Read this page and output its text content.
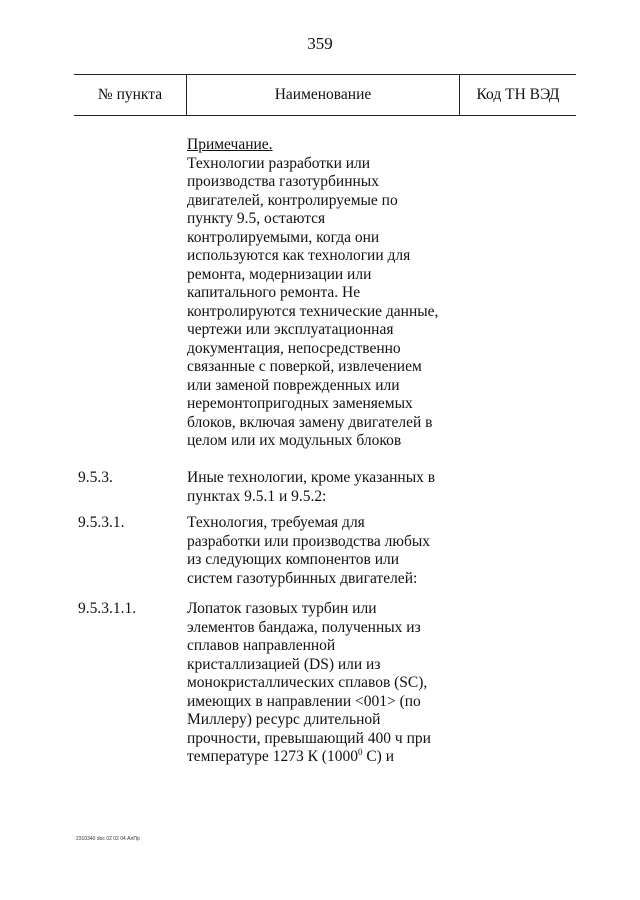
359
№ пункта	Наименование	Код ТН ВЭД
Примечание.
Технологии разработки или
производства газотурбинных
двигателей, контролируемые по
пункту 9.5, остаются
контролируемыми, когда они
используются как технологии для
ремонта, модернизации или
капитального ремонта. Не
контролируются технические данные,
чертежи или эксплуатационная
документация, непосредственно
связанные с поверкой, извлечением
или заменой поврежденных или
неремонтопригодных заменяемых
блоков, включая замену двигателей в
целом или их модульных блоков
9.5.3.	Иные технологии, кроме указанных в
пунктах 9.5.1 и 9.5.2:
9.5.3.1.	Технология, требуемая для
разработки или производства любых
из следующих компонентов или
систем газотурбинных двигателей:
9.5.3.1.1.	Лопаток газовых турбин или
элементов бандажа, полученных из
сплавов направленной
кристаллизацией (DS) или из
монокристаллических сплавов (SC),
имеющих в направлении <001> (по
Миллеру) ресурс длительной
прочности, превышающий 400 ч при
температуре 1273 К (1000$^0$ С) и
2310340 doc 02 02 04 АлПр
